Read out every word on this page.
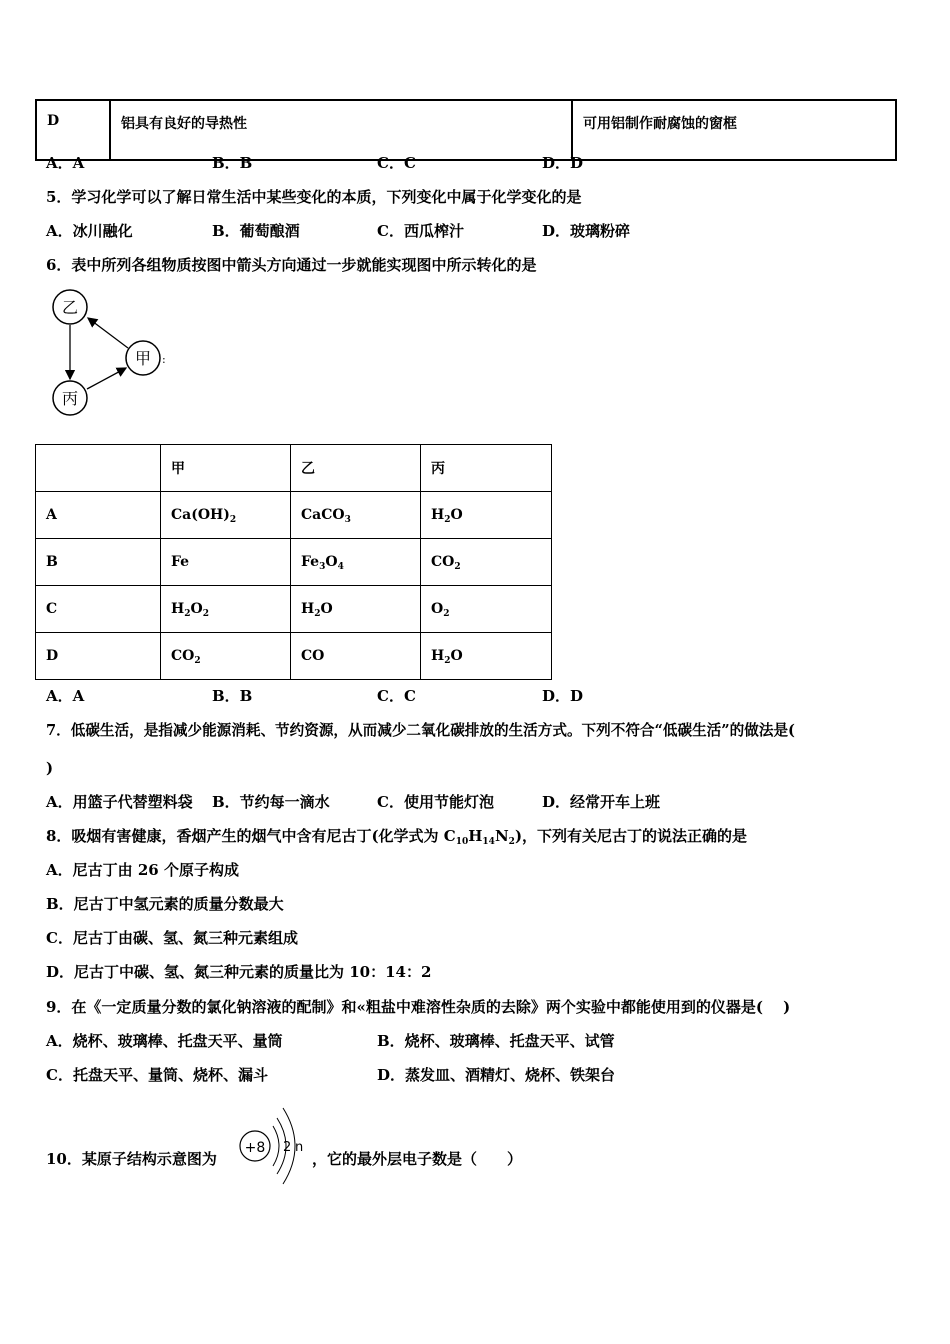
D	铝具有良好的导热性	可用铝制作耐腐蚀的窗框
A．A	B．B	C．C	D．D
5．学习化学可以了解日常生活中某些变化的本质，下列变化中属于化学变化的是
A．冰川融化	B．葡萄酿酒	C．西瓜榨汁	D．玻璃粉碎
6．表中所列各组物质按图中箭头方向通过一步就能实现图中所示转化的是
乙
甲
丙
:
	甲	乙	丙
A	$Ca(OH)_2$	CaCO$_3$	$H_2O$
B	Fe	$Fe_3O_4$	$CO_2$
C	$H_2O_2$	$H_2O$	$O_2$
D	$CO_2$	CO	$H_2O$
A．A	B．B	C．C	D．D
7．低碳生活，是指减少能源消耗、节约资源，从而减少二氧化碳排放的生活方式。下列不符合“低碳生活”的做法是(
)
A．用篮子代替塑料袋 B．节约每一滴水	C．使用节能灯泡	D．经常开车上班
8．吸烟有害健康，香烟产生的烟气中含有尼古丁(化学式为 $C_{10}H_{14}N_2$)，下列有关尼古丁的说法正确的是
A．尼古丁由 26 个原子构成
B．尼古丁中氢元素的质量分数最大
C．尼古丁由碳、氢、氮三种元素组成
D．尼古丁中碳、氢、氮三种元素的质量比为 10：14：2
9．在《一定质量分数的氯化钠溶液的配制》和«粗盐中难溶性杂质的去除》两个实验中都能使用到的仪器是(　 )
A．烧杯、玻璃棒、托盘天平、量筒	B．烧杯、玻璃棒、托盘天平、试管
C．托盘天平、量筒、烧杯、漏斗	D．蒸发皿、酒精灯、烧杯、铁架台
10．某原子结构示意图为
+8 2 n
，它的最外层电子数是（　　）
